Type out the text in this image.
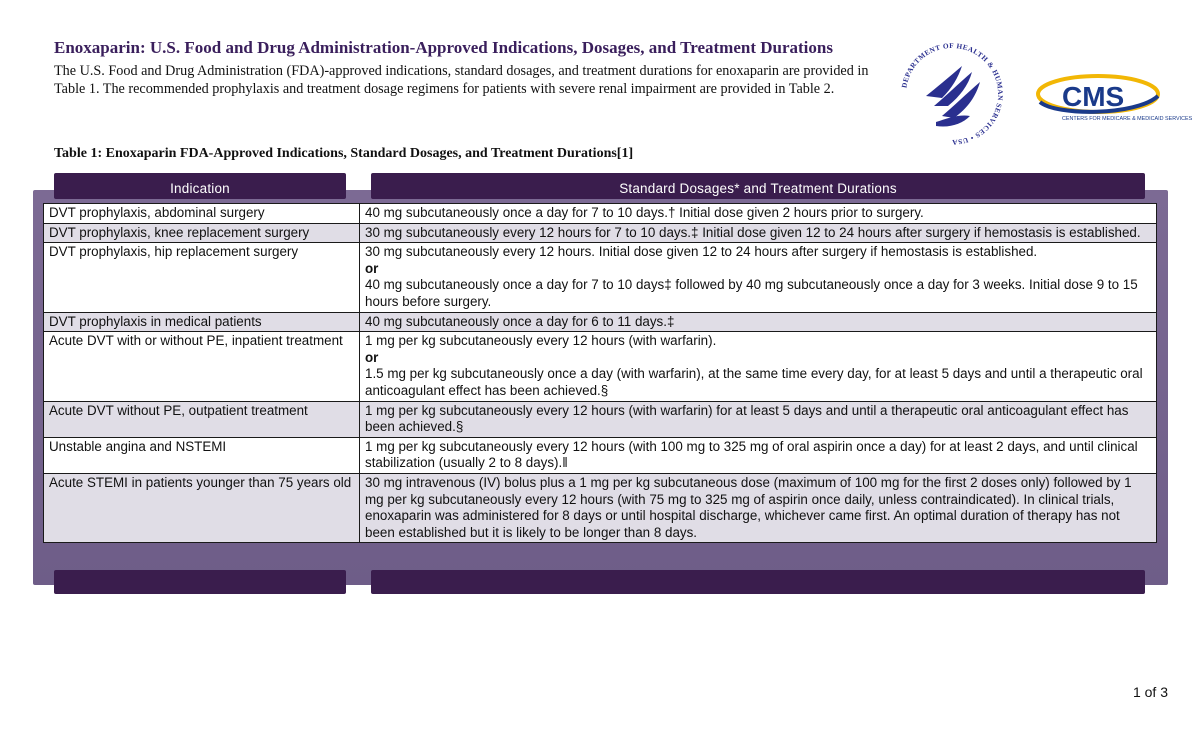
Enoxaparin: U.S. Food and Drug Administration-Approved Indications, Dosages, and Treatment Durations
The U.S. Food and Drug Administration (FDA)-approved indications, standard dosages, and treatment durations for enoxaparin are provided in Table 1. The recommended prophylaxis and treatment dosage regimens for patients with severe renal impairment are provided in Table 2.	DEPARTMENT OF HEALTH & HUMAN SERVICES • USA
CMS
CENTERS FOR MEDICARE & MEDICAID SERVICES
Table 1: Enoxaparin FDA-Approved Indications, Standard Dosages, and Treatment Durations[1]
Indication	Standard Dosages* and Treatment Durations
DVT prophylaxis, abdominal surgery	40 mg subcutaneously once a day for 7 to 10 days.† Initial dose given 2 hours prior to surgery.
DVT prophylaxis, knee replacement surgery	30 mg subcutaneously every 12 hours for 7 to 10 days.‡ Initial dose given 12 to 24 hours after surgery if hemostasis is established.
DVT prophylaxis, hip replacement surgery	30 mg subcutaneously every 12 hours. Initial dose given 12 to 24 hours after surgery if hemostasis is established.
or
40 mg subcutaneously once a day for 7 to 10 days‡ followed by 40 mg subcutaneously once a day for 3 weeks. Initial dose 9 to 15 hours before surgery.
DVT prophylaxis in medical patients	40 mg subcutaneously once a day for 6 to 11 days.‡
Acute DVT with or without PE, inpatient treatment	1 mg per kg subcutaneously every 12 hours (with warfarin).
or
1.5 mg per kg subcutaneously once a day (with warfarin), at the same time every day, for at least 5 days and until a therapeutic oral anticoagulant effect has been achieved.§
Acute DVT without PE, outpatient treatment	1 mg per kg subcutaneously every 12 hours (with warfarin) for at least 5 days and until a therapeutic oral anticoagulant effect has been achieved.§
Unstable angina and NSTEMI	1 mg per kg subcutaneously every 12 hours (with 100 mg to 325 mg of oral aspirin once a day) for at least 2 days, and until clinical stabilization (usually 2 to 8 days).‖
Acute STEMI in patients younger than 75 years old	30 mg intravenous (IV) bolus plus a 1 mg per kg subcutaneous dose (maximum of 100 mg for the first 2 doses only) followed by 1 mg per kg subcutaneously every 12 hours (with 75 mg to 325 mg of aspirin once daily, unless contraindicated). In clinical trials, enoxaparin was administered for 8 days or until hospital discharge, whichever came first. An optimal duration of therapy has not been established but it is likely to be longer than 8 days.
1 of 3
